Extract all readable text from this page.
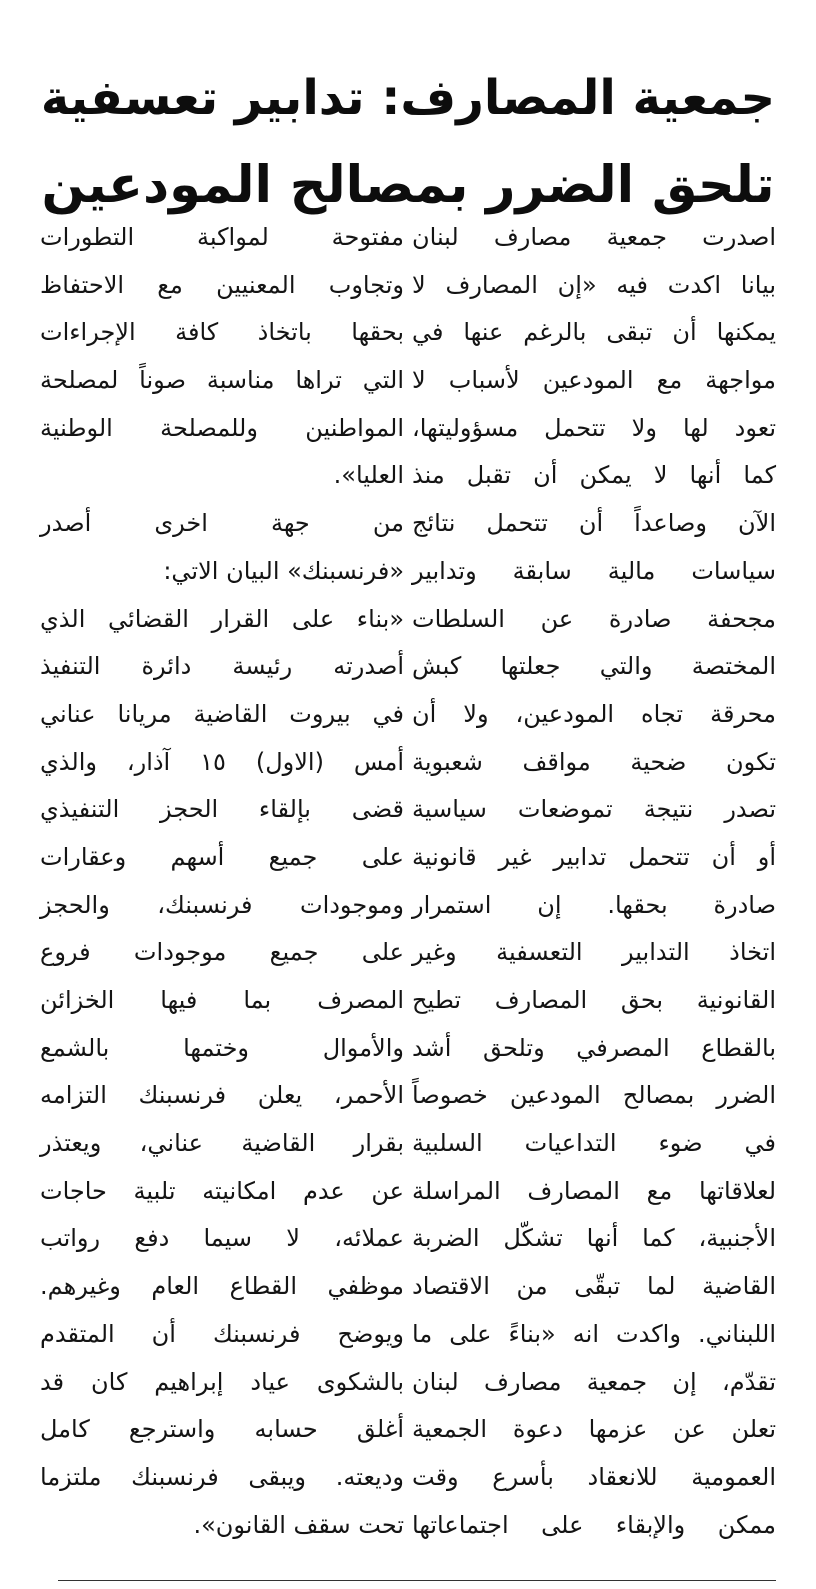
جمعية المصارف: تدابير تعسفية
تلحق الضرر بمصالح المودعين
اصدرت جمعية مصارف لبنان
بيانا اكدت فيه «إن المصارف لا
يمكنها أن تبقى بالرغم عنها في
مواجهة مع المودعين لأسباب لا
تعود لها ولا تتحمل مسؤوليتها،
كما أنها لا يمكن أن تقبل منذ
الآن وصاعداً أن تتحمل نتائج
سياسات مالية سابقة وتدابير
مجحفة صادرة عن السلطات
المختصة والتي جعلتها كبش
محرقة تجاه المودعين، ولا أن
تكون ضحية مواقف شعبوية
تصدر نتيجة تموضعات سياسية
أو أن تتحمل تدابير غير قانونية
صادرة بحقها. إن استمرار
اتخاذ التدابير التعسفية وغير
القانونية بحق المصارف تطيح
بالقطاع المصرفي وتلحق أشد
الضرر بمصالح المودعين خصوصاً
في ضوء التداعيات السلبية
لعلاقاتها مع المصارف المراسلة
الأجنبية، كما أنها تشكّل الضربة
القاضية لما تبقّى من الاقتصاد
اللبناني. واكدت انه «بناءً على ما
تقدّم، إن جمعية مصارف لبنان
تعلن عن عزمها دعوة الجمعية
العمومية للانعقاد بأسرع وقت
ممكن والإبقاء على اجتماعاتها
مفتوحة لمواكبة التطورات
وتجاوب المعنيين مع الاحتفاظ
بحقها باتخاذ كافة الإجراءات
التي تراها مناسبة صوناً لمصلحة
المواطنين وللمصلحة الوطنية
العليا».
من جهة اخرى أصدر
«فرنسبنك» البيان الاتي:
«بناء على القرار القضائي الذي
أصدرته رئيسة دائرة التنفيذ
في بيروت القاضية مريانا عناني
أمس (الاول) ١٥ آذار، والذي
قضى بإلقاء الحجز التنفيذي
على جميع أسهم وعقارات
وموجودات فرنسبنك، والحجز
على جميع موجودات فروع
المصرف بما فيها الخزائن
والأموال وختمها بالشمع
الأحمر، يعلن فرنسبنك التزامه
بقرار القاضية عناني، ويعتذر
عن عدم امكانيته تلبية حاجات
عملائه، لا سيما دفع رواتب
موظفي القطاع العام وغيرهم.
ويوضح فرنسبنك أن المتقدم
بالشكوى عياد إبراهيم كان قد
أغلق حسابه واسترجع كامل
وديعته. ويبقى فرنسبنك ملتزما
تحت سقف القانون».
